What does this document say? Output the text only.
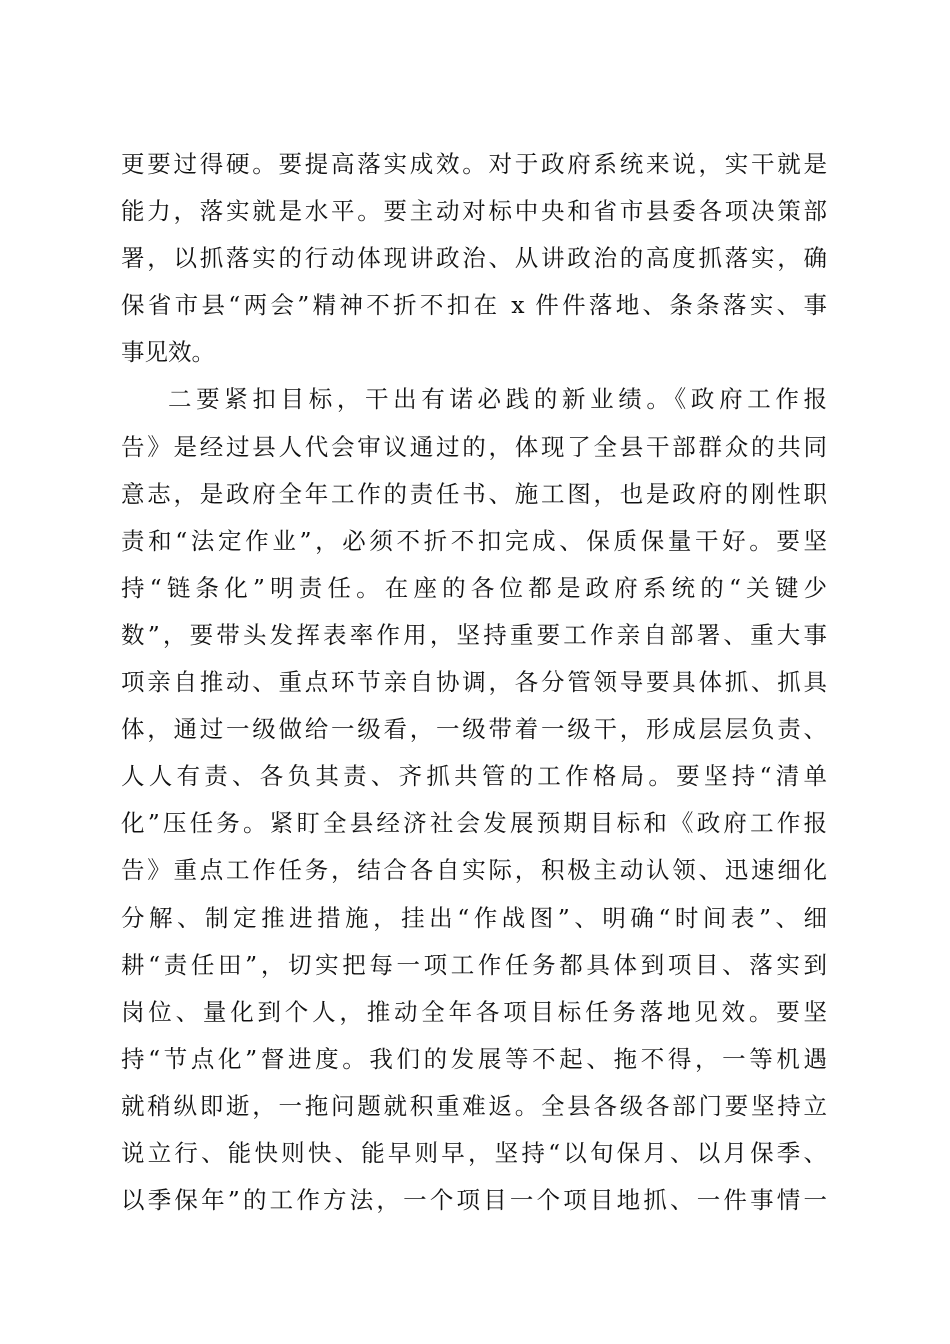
更要过得硬。要提高落实成效。对于政府系统来说，实干就是
能力，落实就是水平。要主动对标中央和省市县委各项决策部
署，以抓落实的行动体现讲政治、从讲政治的高度抓落实，确
保省市县“两会”精神不折不扣在 x 件件落地、条条落实、事
事见效。
二要紧扣目标，干出有诺必践的新业绩。《政府工作报
告》是经过县人代会审议通过的，体现了全县干部群众的共同
意志，是政府全年工作的责任书、施工图，也是政府的刚性职
责和“法定作业”，必须不折不扣完成、保质保量干好。要坚
持“链条化”明责任。在座的各位都是政府系统的“关键少
数”，要带头发挥表率作用，坚持重要工作亲自部署、重大事
项亲自推动、重点环节亲自协调，各分管领导要具体抓、抓具
体，通过一级做给一级看，一级带着一级干，形成层层负责、
人人有责、各负其责、齐抓共管的工作格局。要坚持“清单
化”压任务。紧盯全县经济社会发展预期目标和《政府工作报
告》重点工作任务，结合各自实际，积极主动认领、迅速细化
分解、制定推进措施，挂出“作战图”、明确“时间表”、细
耕“责任田”，切实把每一项工作任务都具体到项目、落实到
岗位、量化到个人，推动全年各项目标任务落地见效。要坚
持“节点化”督进度。我们的发展等不起、拖不得，一等机遇
就稍纵即逝，一拖问题就积重难返。全县各级各部门要坚持立
说立行、能快则快、能早则早，坚持“以旬保月、以月保季、
以季保年”的工作方法，一个项目一个项目地抓、一件事情一
